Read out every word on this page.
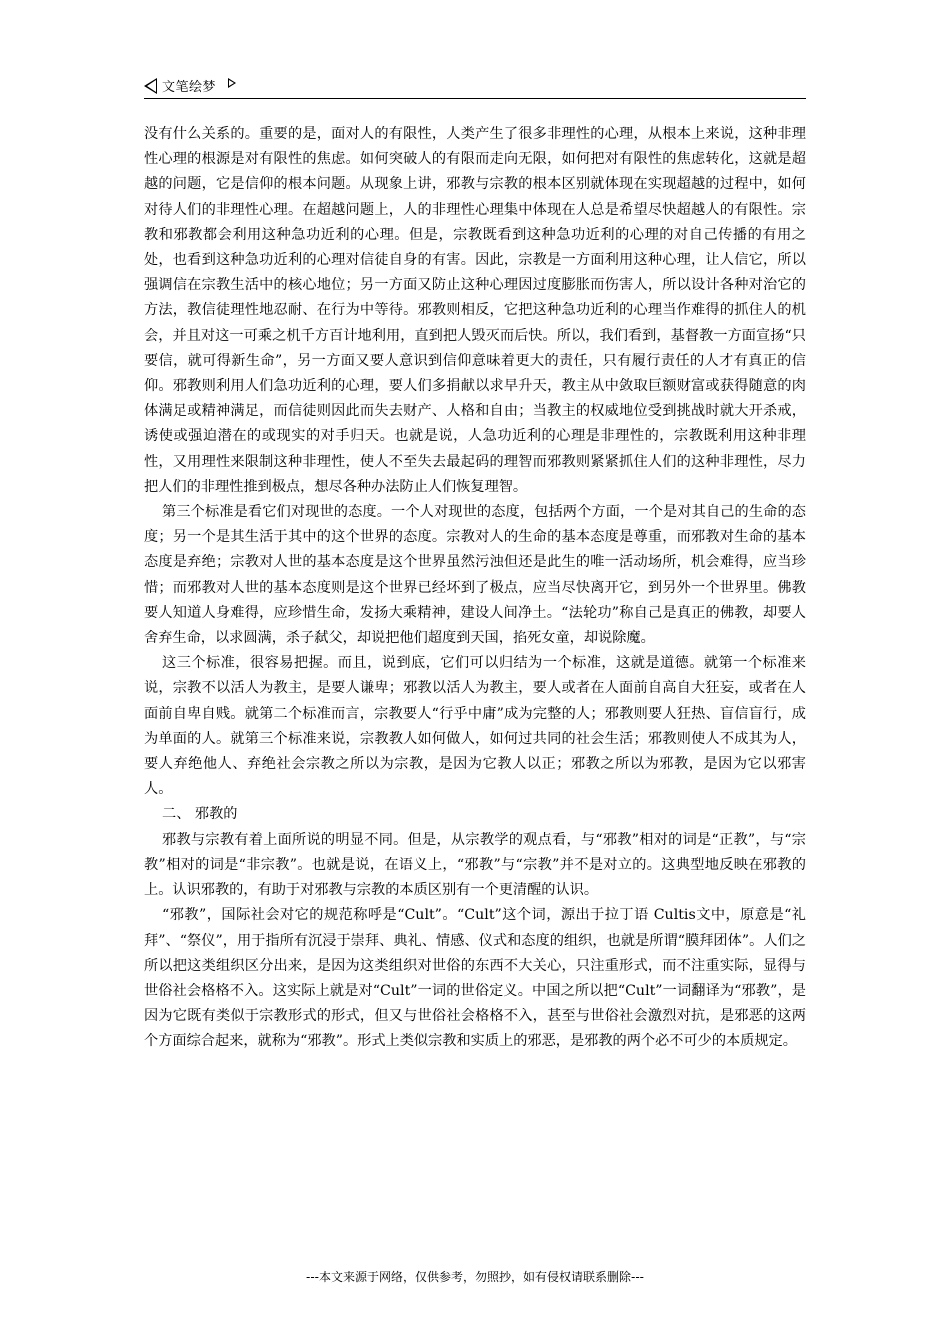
文笔绘梦

没有什么关系的。重要的是，面对人的有限性，人类产生了很多非理性的心理，从根本上来说，这种非理性心理的根源是对有限性的焦虑。如何突破人的有限而走向无限，如何把对有限性的焦虑转化，这就是超越的问题，它是信仰的根本问题。从现象上讲，邪教与宗教的根本区别就体现在实现超越的过程中，如何对待人们的非理性心理。在超越问题上，人的非理性心理集中体现在人总是希望尽快超越人的有限性。宗教和邪教都会利用这种急功近利的心理。但是，宗教既看到这种急功近利的心理的对自己传播的有用之处，也看到这种急功近利的心理对信徒自身的有害。因此，宗教是一方面利用这种心理，让人信它，所以强调信在宗教生活中的核心地位；另一方面又防止这种心理因过度膨胀而伤害人，所以设计各种对治它的方法，教信徒理性地忍耐、在行为中等待。邪教则相反，它把这种急功近利的心理当作难得的抓住人的机会，并且对这一可乘之机千方百计地利用，直到把人毁灭而后快。所以，我们看到，基督教一方面宣扬“只要信，就可得新生命”，另一方面又要人意识到信仰意味着更大的责任，只有履行责任的人才有真正的信仰。邪教则利用人们急功近利的心理，要人们多捐献以求早升天，教主从中敛取巨额财富或获得随意的肉体满足或精神满足，而信徒则因此而失去财产、人格和自由；当教主的权威地位受到挑战时就大开杀戒，诱使或强迫潜在的或现实的对手归天。也就是说，人急功近利的心理是非理性的，宗教既利用这种非理性，又用理性来限制这种非理性，使人不至失去最起码的理智而邪教则紧紧抓住人们的这种非理性，尽力把人们的非理性推到极点，想尽各种办法防止人们恢复理智。

第三个标准是看它们对现世的态度。一个人对现世的态度，包括两个方面，一个是对其自己的生命的态度；另一个是其生活于其中的这个世界的态度。宗教对人的生命的基本态度是尊重，而邪教对生命的基本态度是弃绝；宗教对人世的基本态度是这个世界虽然污浊但还是此生的唯一活动场所，机会难得，应当珍惜；而邪教对人世的基本态度则是这个世界已经坏到了极点，应当尽快离开它，到另外一个世界里。佛教要人知道人身难得，应珍惜生命，发扬大乘精神，建设人间净土。“法轮功”称自己是真正的佛教，却要人舍弃生命，以求圆满，杀子弑父，却说把他们超度到天国，掐死女童，却说除魔。

这三个标准，很容易把握。而且，说到底，它们可以归结为一个标准，这就是道德。就第一个标准来说，宗教不以活人为教主，是要人谦卑；邪教以活人为教主，要人或者在人面前自高自大狂妄，或者在人面前自卑自贱。就第二个标准而言，宗教要人“行乎中庸”成为完整的人；邪教则要人狂热、盲信盲行，成为单面的人。就第三个标准来说，宗教教人如何做人，如何过共同的社会生活；邪教则使人不成其为人，要人弃绝他人、弃绝社会宗教之所以为宗教，是因为它教人以正；邪教之所以为邪教，是因为它以邪害人。

二、 邪教的

邪教与宗教有着上面所说的明显不同。但是，从宗教学的观点看，与“邪教”相对的词是“正教”，与“宗教”相对的词是“非宗教”。也就是说，在语义上，“邪教”与“宗教”并不是对立的。这典型地反映在邪教的上。认识邪教的，有助于对邪教与宗教的本质区别有一个更清醒的认识。

“邪教”，国际社会对它的规范称呼是“Cult”。“Cult”这个词，源出于拉丁语 Cultis文中，原意是“礼拜”、“祭仪”，用于指所有沉浸于崇拜、典礼、情感、仪式和态度的组织，也就是所谓“膜拜团体”。人们之所以把这类组织区分出来，是因为这类组织对世俗的东西不大关心，只注重形式，而不注重实际，显得与世俗社会格格不入。这实际上就是对“Cult”一词的世俗定义。中国之所以把“Cult”一词翻译为“邪教”，是因为它既有类似于宗教形式的形式，但又与世俗社会格格不入，甚至与世俗社会激烈对抗，是邪恶的这两个方面综合起来，就称为“邪教”。形式上类似宗教和实质上的邪恶，是邪教的两个必不可少的本质规定。

---本文来源于网络，仅供参考，勿照抄，如有侵权请联系删除---
